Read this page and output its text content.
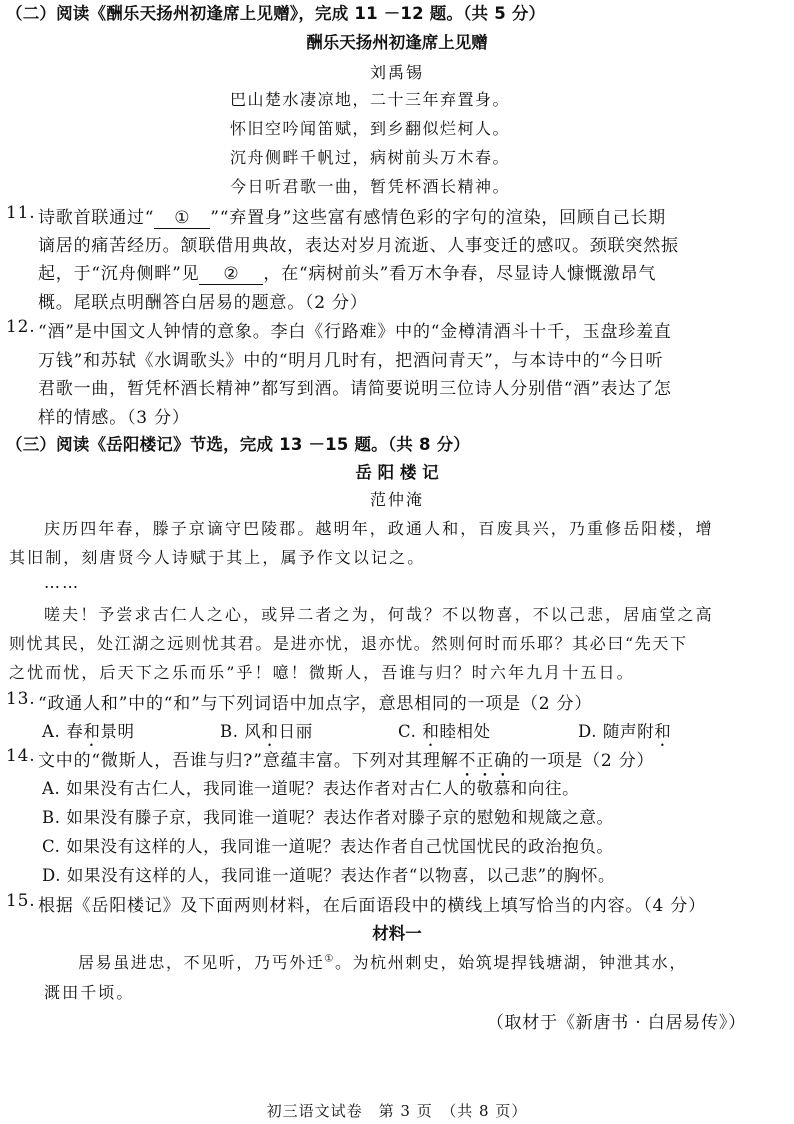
（二）阅读《酬乐天扬州初逢席上见赠》，完成 11 －12 题。（共 5 分）
酬乐天扬州初逢席上见赠
刘禹锡
巴山楚水凄凉地，二十三年弃置身。
怀旧空吟闻笛赋，到乡翻似烂柯人。
沉舟侧畔千帆过，病树前头万木春。
今日听君歌一曲，暂凭杯酒长精神。
11. 诗歌首联通过“ ① ”“弃置身”这些富有感情色彩的字句的渲染，回顾自己长期
谪居的痛苦经历。颔联借用典故，表达对岁月流逝、人事变迁的感叹。颈联突然振
起，于“沉舟侧畔”见 ② ，在“病树前头”看万木争春，尽显诗人慷慨激昂气
概。尾联点明酬答白居易的题意。（2 分）
12. “酒”是中国文人钟情的意象。李白《行路难》中的“金樽清酒斗十千，玉盘珍羞直
万钱”和苏轼《水调歌头》中的“明月几时有，把酒问青天”，与本诗中的“今日听
君歌一曲，暂凭杯酒长精神”都写到酒。请简要说明三位诗人分别借“酒”表达了怎
样的情感。（3 分）
（三）阅读《岳阳楼记》节选，完成 13 －15 题。（共 8 分）
岳 阳 楼 记
范仲淹
庆历四年春，滕子京谪守巴陵郡。越明年，政通人和，百废具兴，乃重修岳阳楼，增
其旧制，刻唐贤今人诗赋于其上，属予作文以记之。
……
嗟夫！予尝求古仁人之心，或异二者之为，何哉？不以物喜，不以己悲，居庙堂之高
则忧其民，处江湖之远则忧其君。是进亦忧，退亦忧。然则何时而乐耶？其必曰“先天下
之忧而忧，后天下之乐而乐”乎！噫！微斯人，吾谁与归？时六年九月十五日。
13. “政通人和”中的“和”与下列词语中加点字，意思相同的一项是（2 分）
A. 春和景明	B. 风和日丽	C. 和睦相处	D. 随声附和
14. 文中的“微斯人，吾谁与归?”意蕴丰富。下列对其理解不正确的一项是（2 分）
A. 如果没有古仁人，我同谁一道呢？表达作者对古仁人的敬慕和向往。
B. 如果没有滕子京，我同谁一道呢？表达作者对滕子京的慰勉和规箴之意。
C. 如果没有这样的人，我同谁一道呢？表达作者自己忧国忧民的政治抱负。
D. 如果没有这样的人，我同谁一道呢？表达作者“以物喜，以己悲”的胸怀。
15. 根据《岳阳楼记》及下面两则材料，在后面语段中的横线上填写恰当的内容。（4 分）
材料一
居易虽进忠，不见听，乃丐外迁①。为杭州刺史，始筑堤捍钱塘湖，钟泄其水，
溉田千顷。
（取材于《新唐书 · 白居易传》）
初三语文试卷　第 3 页　（共 8 页）
